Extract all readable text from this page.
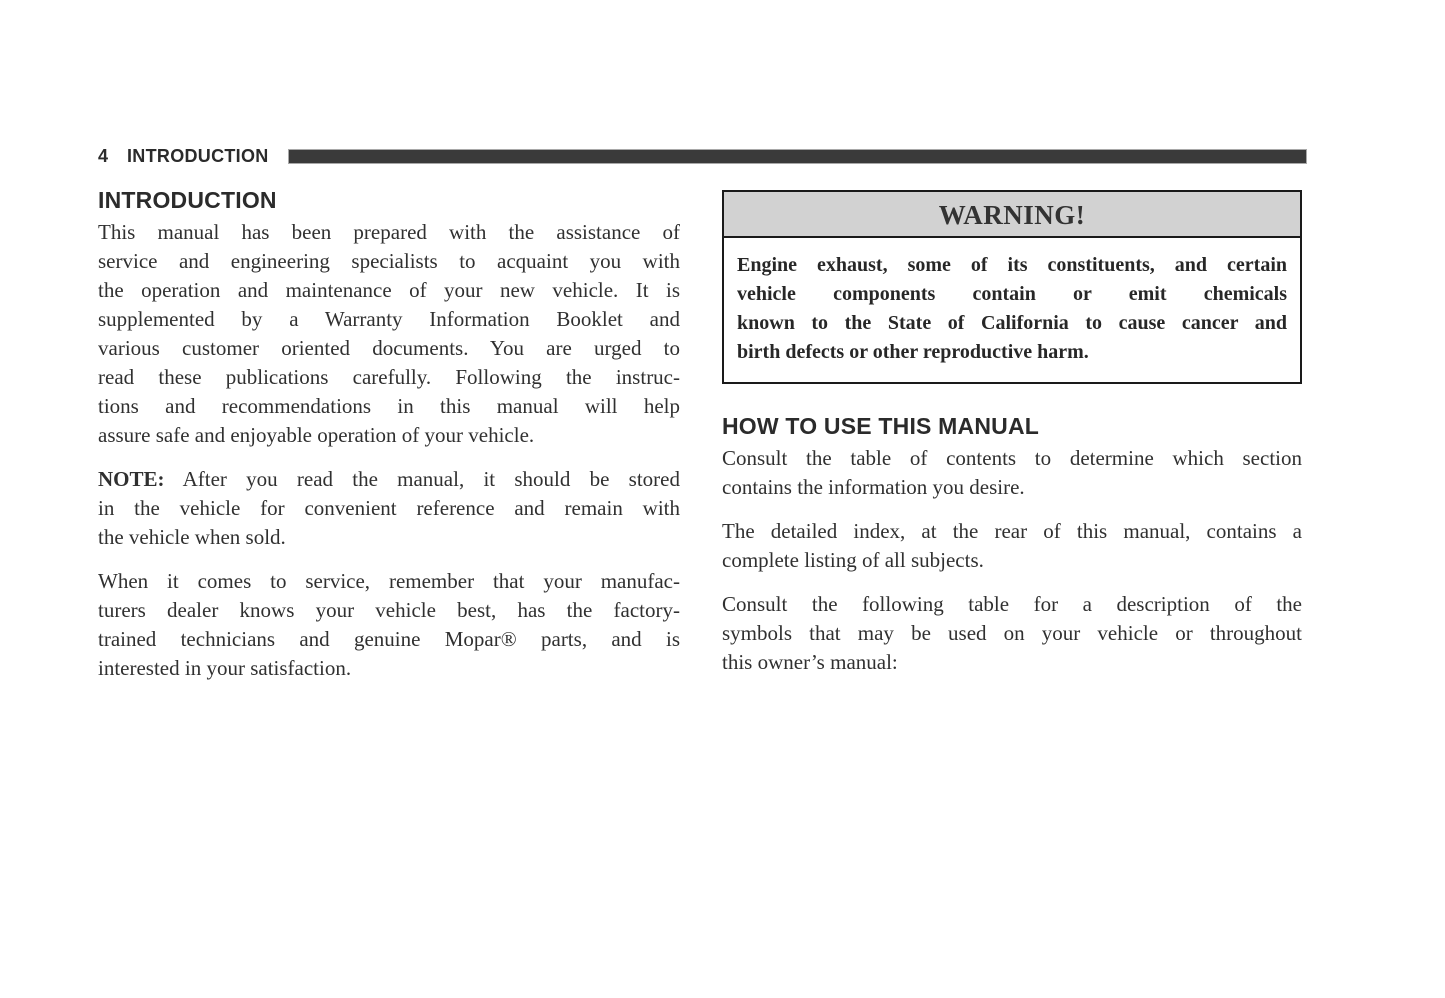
4 INTRODUCTION
INTRODUCTION
This manual has been prepared with the assistance of
service and engineering specialists to acquaint you with
the operation and maintenance of your new vehicle. It is
supplemented by a Warranty Information Booklet and
various customer oriented documents. You are urged to
read these publications carefully. Following the instruc-
tions and recommendations in this manual will help
assure safe and enjoyable operation of your vehicle.
NOTE: After you read the manual, it should be stored
in the vehicle for convenient reference and remain with
the vehicle when sold.
When it comes to service, remember that your manufac-
turers dealer knows your vehicle best, has the factory-
trained technicians and genuine Mopar® parts, and is
interested in your satisfaction.
WARNING!
Engine exhaust, some of its constituents, and certain
vehicle components contain or emit chemicals
known to the State of California to cause cancer and
birth defects or other reproductive harm.
HOW TO USE THIS MANUAL
Consult the table of contents to determine which section
contains the information you desire.
The detailed index, at the rear of this manual, contains a
complete listing of all subjects.
Consult the following table for a description of the
symbols that may be used on your vehicle or throughout
this owner’s manual:
